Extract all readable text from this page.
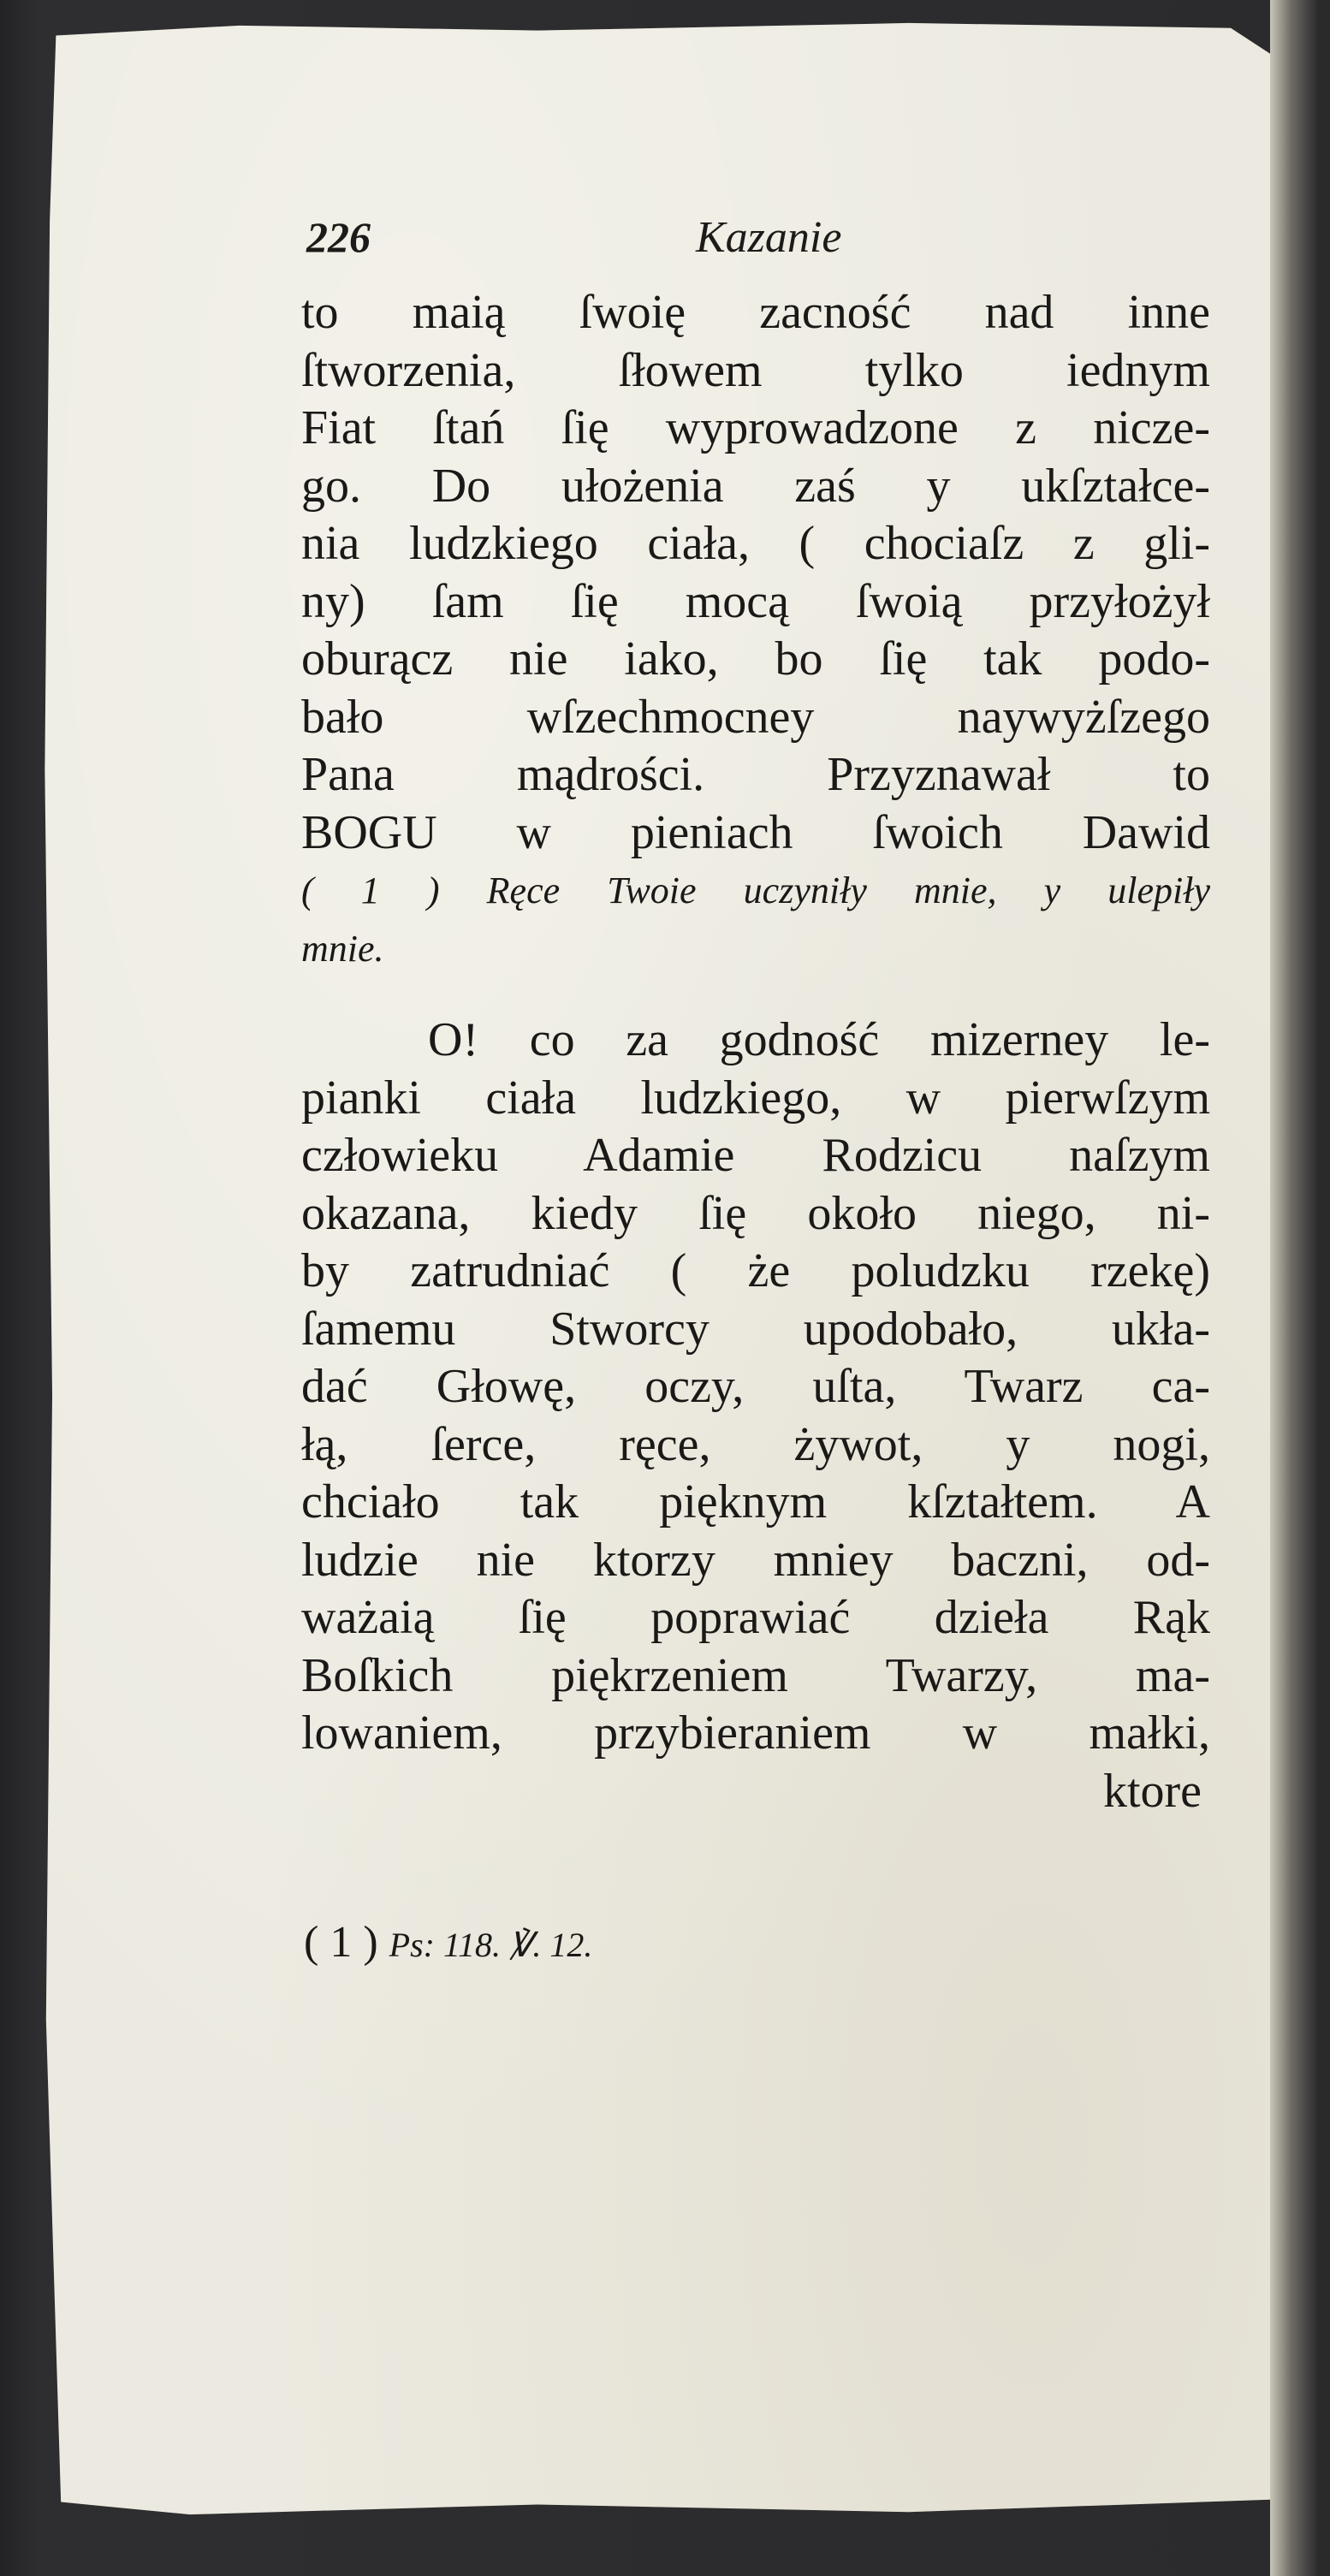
226	Kazanie
to maią ſwoię zacność nad inne
ſtworzenia, ſłowem tylko iednym
Fiat ſtań ſię wyprowadzone z nicze-
go. Do ułożenia zaś y ukſztałce-
nia ludzkiego ciała, ( chociaſz z gli-
ny) ſam ſię mocą ſwoią przyłożył
oburącz nie iako, bo ſię tak podo-
bało wſzechmocney naywyżſzego
Pana mądrości. Przyznawał to
BOGU w pieniach ſwoich Dawid
( 1 ) Ręce Twoie uczyniły mnie, y ulepiły
mnie.
O! co za godność mizerney le-
pianki ciała ludzkiego, w pierwſzym
człowieku Adamie Rodzicu naſzym
okazana, kiedy ſię około niego, ni-
by zatrudniać ( że poludzku rzekę)
ſamemu Stworcy upodobało, ukła-
dać Głowę, oczy, uſta, Twarz ca-
łą, ſerce, ręce, żywot, y nogi,
chciało tak pięknym kſztałtem. A
ludzie nie ktorzy mniey baczni, od-
ważaią ſię poprawiać dzieła Rąk
Boſkich piękrzeniem Twarzy, ma-
lowaniem, przybieraniem w małki,
ktore
( 1 ) Ps: 118. ℣. 12.
